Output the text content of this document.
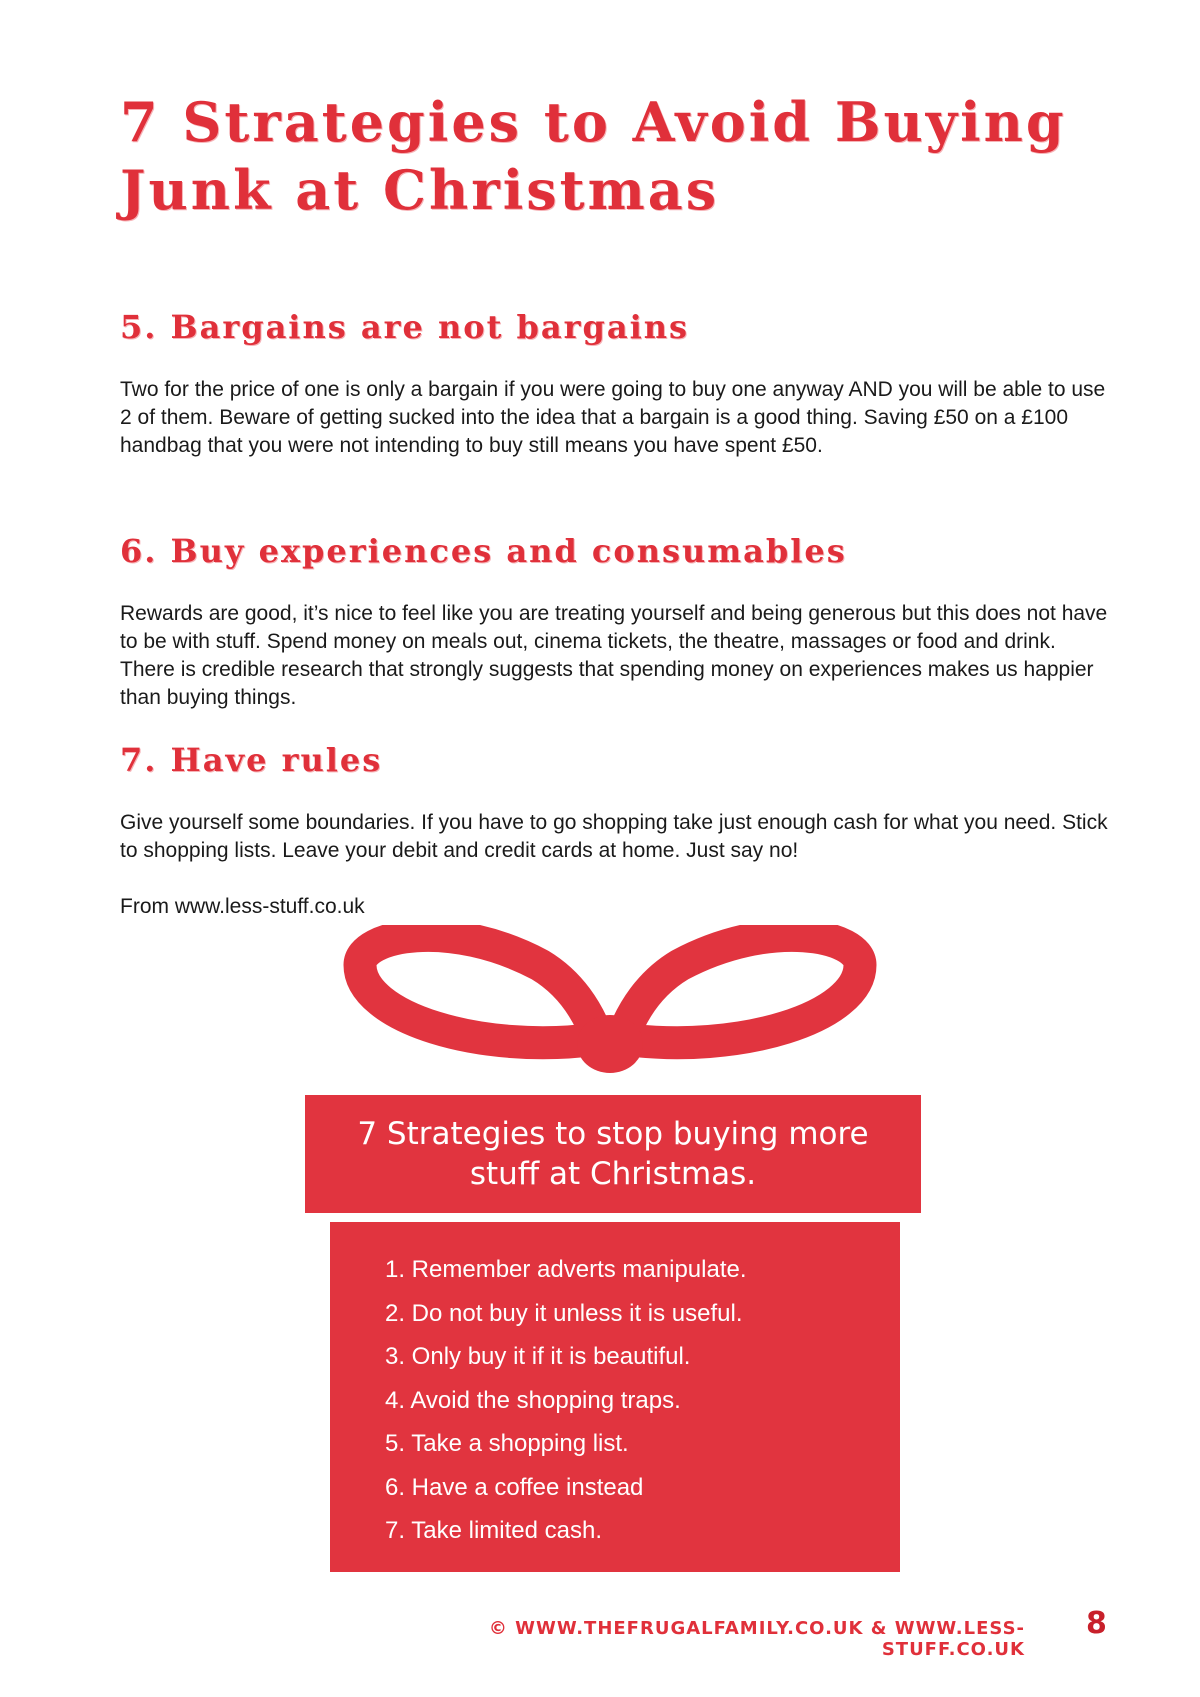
7 Strategies to Avoid Buying
Junk at Christmas
5. Bargains are not bargains

Two for the price of one is only a bargain if you were going to buy one anyway AND you will be able to use 2 of them. Beware of getting sucked into the idea that a bargain is a good thing. Saving £50 on a £100 handbag that you were not intending to buy still means you have spent £50.

6. Buy experiences and consumables

Rewards are good, it’s nice to feel like you are treating yourself and being generous but this does not have to be with stuff. Spend money on meals out, cinema tickets, the theatre, massages or food and drink. There is credible research that strongly suggests that spending money on experiences makes us happier than buying things.

7. Have rules

Give yourself some boundaries. If you have to go shopping take just enough cash for what you need. Stick to shopping lists. Leave your debit and credit cards at home. Just say no!

From www.less-stuff.co.uk

7 Strategies to stop buying more
stuff at Christmas.
1. Remember adverts manipulate.
2. Do not buy it unless it is useful.
3. Only buy it if it is beautiful.
4. Avoid the shopping traps.
5. Take a shopping list.
6. Have a coffee instead
7. Take limited cash.
© WWW.THEFRUGALFAMILY.CO.UK & WWW.LESS-STUFF.CO.UK
8
